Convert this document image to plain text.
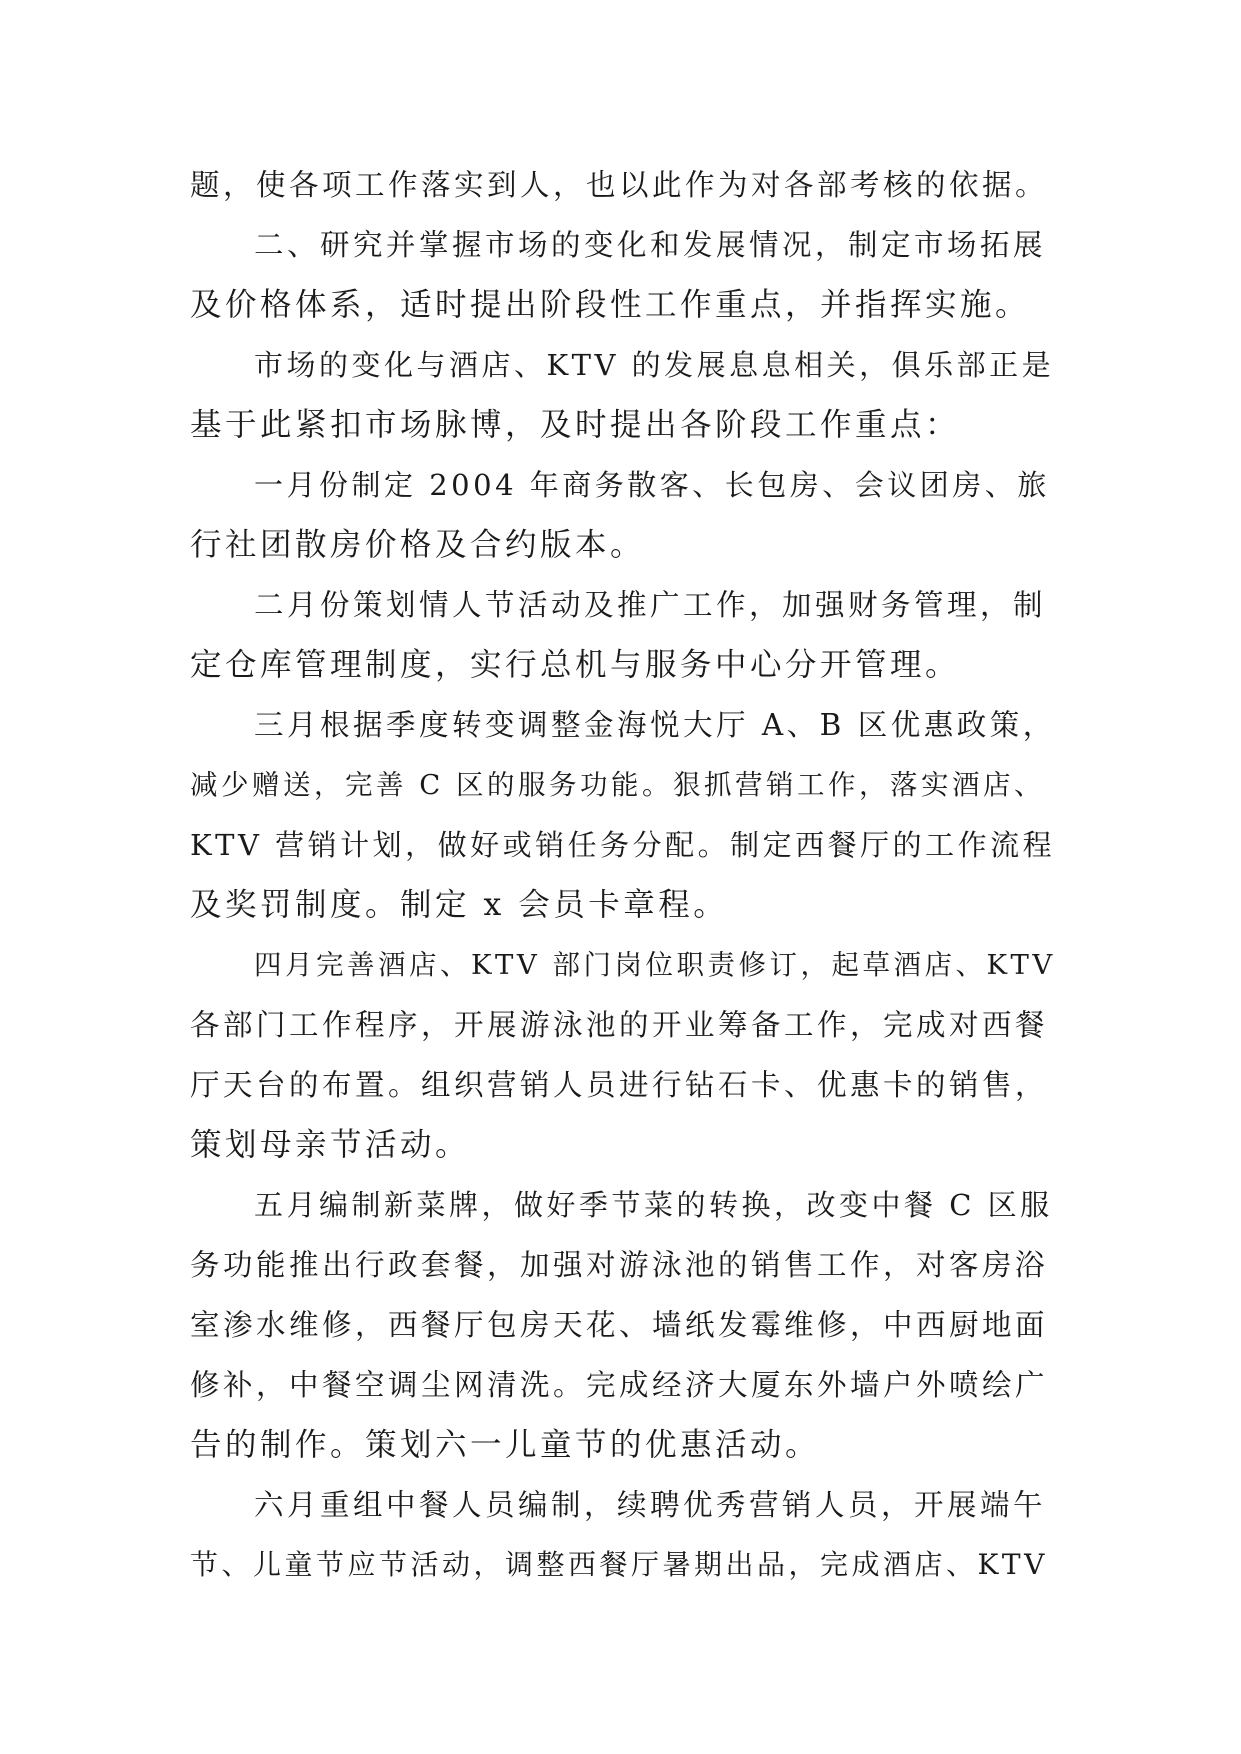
题，使各项工作落实到人，也以此作为对各部考核的依据。
二、研究并掌握市场的变化和发展情况，制定市场拓展
及价格体系，适时提出阶段性工作重点，并指挥实施。
市场的变化与酒店、KTV 的发展息息相关，俱乐部正是
基于此紧扣市场脉博，及时提出各阶段工作重点：
一月份制定 2004 年商务散客、长包房、会议团房、旅
行社团散房价格及合约版本。
二月份策划情人节活动及推广工作，加强财务管理，制
定仓库管理制度，实行总机与服务中心分开管理。
三月根据季度转变调整金海悦大厅 A、B 区优惠政策，
减少赠送，完善 C 区的服务功能。狠抓营销工作，落实酒店、
KTV 营销计划，做好或销任务分配。制定西餐厅的工作流程
及奖罚制度。制定 x 会员卡章程。
四月完善酒店、KTV 部门岗位职责修订，起草酒店、KTV
各部门工作程序，开展游泳池的开业筹备工作，完成对西餐
厅天台的布置。组织营销人员进行钻石卡、优惠卡的销售，
策划母亲节活动。
五月编制新菜牌，做好季节菜的转换，改变中餐 C 区服
务功能推出行政套餐，加强对游泳池的销售工作，对客房浴
室渗水维修，西餐厅包房天花、墙纸发霉维修，中西厨地面
修补，中餐空调尘网清洗。完成经济大厦东外墙户外喷绘广
告的制作。策划六一儿童节的优惠活动。
六月重组中餐人员编制，续聘优秀营销人员，开展端午
节、儿童节应节活动，调整西餐厅暑期出品，完成酒店、KTV
